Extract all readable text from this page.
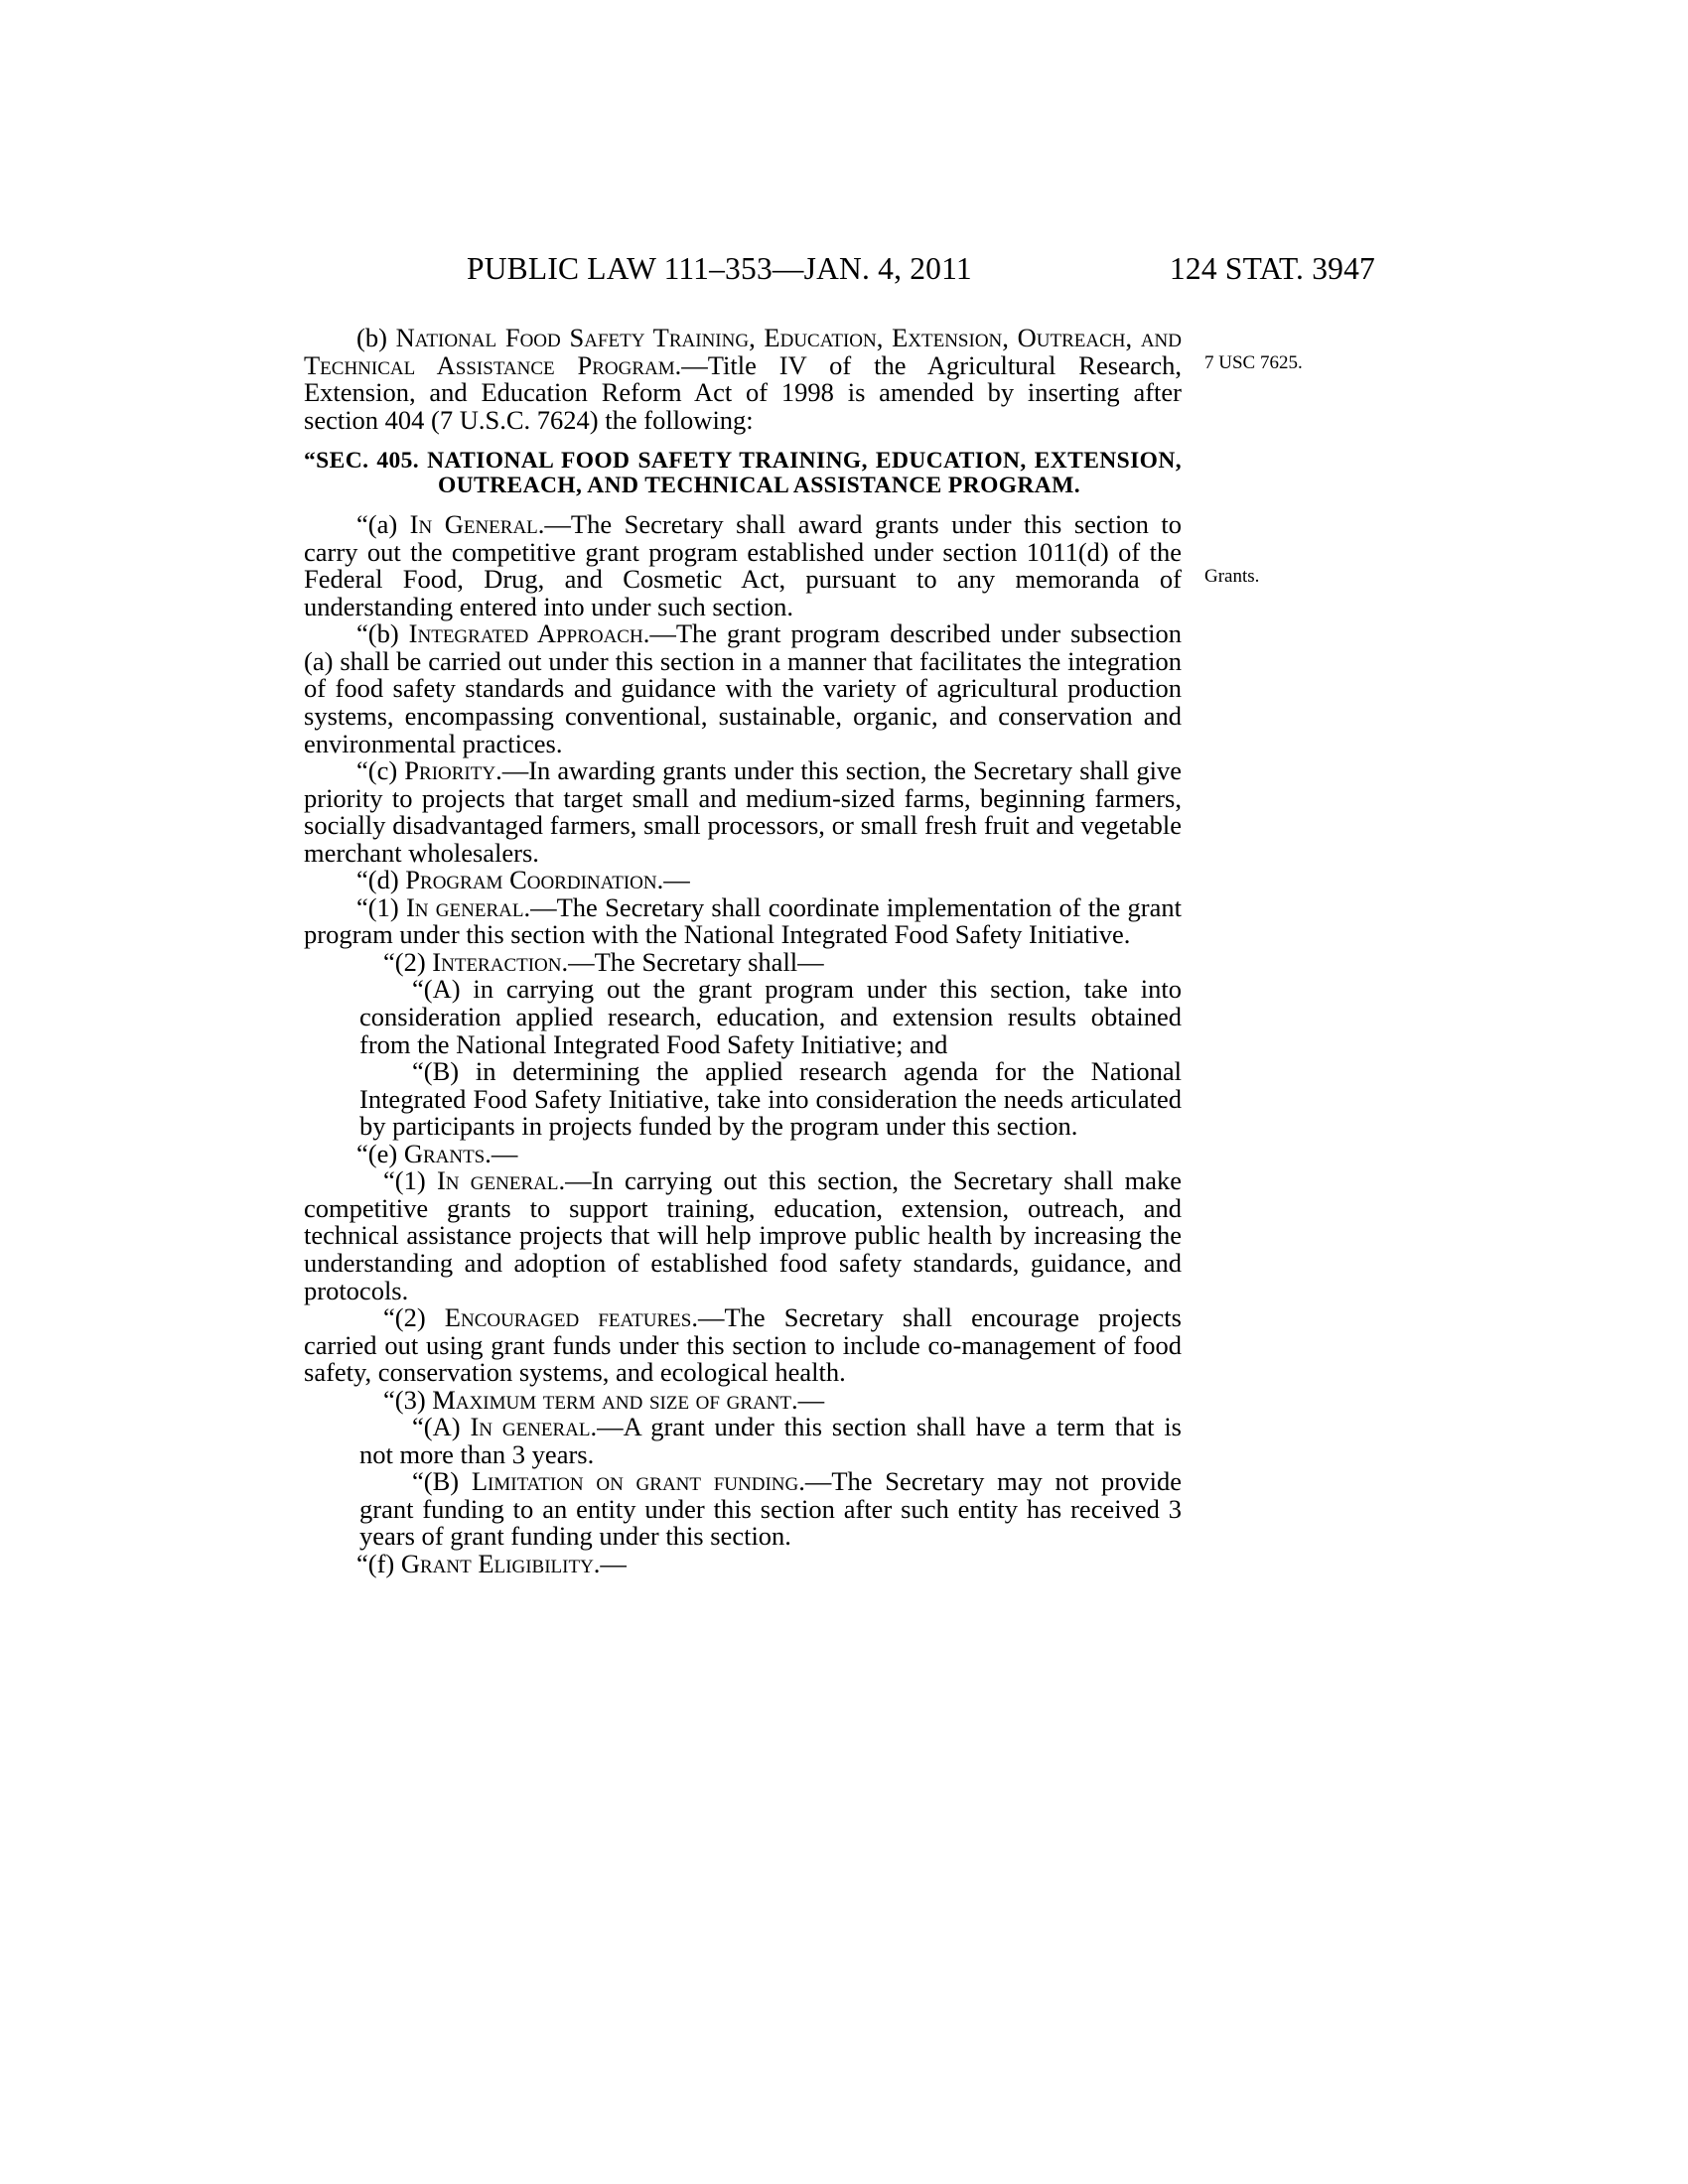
PUBLIC LAW 111–353—JAN. 4, 2011	124 STAT. 3947
7 USC 7625.
Grants.

(b) National Food Safety Training, Education, Extension, Outreach, and Technical Assistance Program.—Title IV of the Agricultural Research, Extension, and Education Reform Act of 1998 is amended by inserting after section 404 (7 U.S.C. 7624) the following:

“SEC. 405. NATIONAL FOOD SAFETY TRAINING, EDUCATION, EXTENSION, OUTREACH, AND TECHNICAL ASSISTANCE PROGRAM.

“(a) In General.—The Secretary shall award grants under this section to carry out the competitive grant program established under section 1011(d) of the Federal Food, Drug, and Cosmetic Act, pursuant to any memoranda of understanding entered into under such section.

“(b) Integrated Approach.—The grant program described under subsection (a) shall be carried out under this section in a manner that facilitates the integration of food safety standards and guidance with the variety of agricultural production systems, encompassing conventional, sustainable, organic, and conservation and environmental practices.

“(c) Priority.—In awarding grants under this section, the Secretary shall give priority to projects that target small and medium-sized farms, beginning farmers, socially disadvantaged farmers, small processors, or small fresh fruit and vegetable merchant wholesalers.

“(d) Program Coordination.—

“(1) In general.—The Secretary shall coordinate implementation of the grant program under this section with the National Integrated Food Safety Initiative.

“(2) Interaction.—The Secretary shall—

“(A) in carrying out the grant program under this section, take into consideration applied research, education, and extension results obtained from the National Integrated Food Safety Initiative; and

“(B) in determining the applied research agenda for the National Integrated Food Safety Initiative, take into consideration the needs articulated by participants in projects funded by the program under this section.

“(e) Grants.—

“(1) In general.—In carrying out this section, the Secretary shall make competitive grants to support training, education, extension, outreach, and technical assistance projects that will help improve public health by increasing the understanding and adoption of established food safety standards, guidance, and protocols.

“(2) Encouraged features.—The Secretary shall encourage projects carried out using grant funds under this section to include co-management of food safety, conservation systems, and ecological health.

“(3) Maximum term and size of grant.—

“(A) In general.—A grant under this section shall have a term that is not more than 3 years.

“(B) Limitation on grant funding.—The Secretary may not provide grant funding to an entity under this section after such entity has received 3 years of grant funding under this section.

“(f) Grant Eligibility.—
